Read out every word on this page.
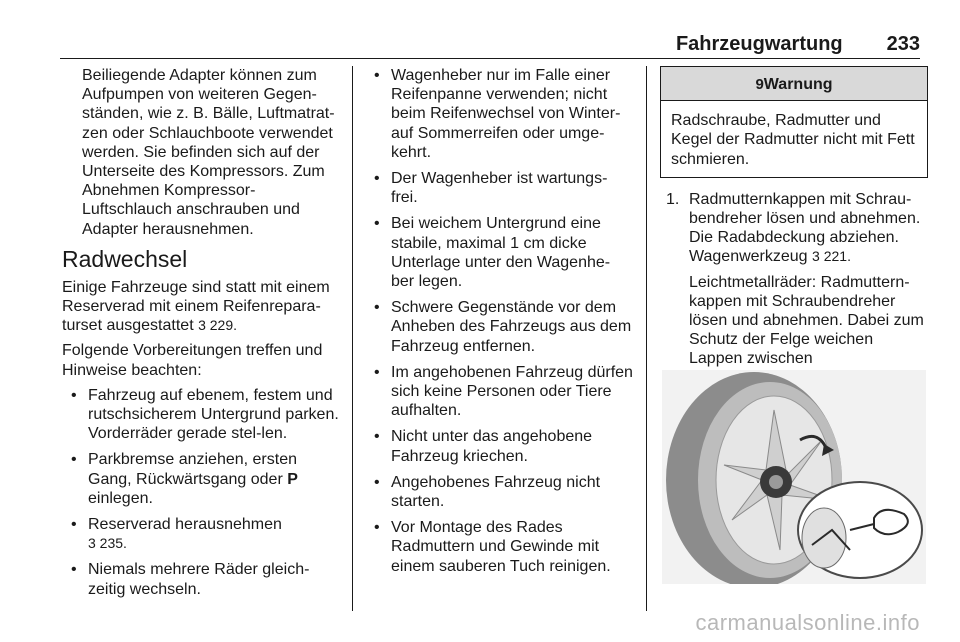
Fahrzeugwartung 233

Beiliegende Adapter können zum Aufpumpen von weiteren Gegen-ständen, wie z. B. Bälle, Luftmatrat-zen oder Schlauchboote verwendet werden. Sie befinden sich auf der Unterseite des Kompressors. Zum Abnehmen Kompressor-Luftschlauch anschrauben und Adapter herausnehmen.

Radwechsel

Einige Fahrzeuge sind statt mit einem Reserverad mit einem Reifenrepara-turset ausgestattet 3 229.

Folgende Vorbereitungen treffen und Hinweise beachten:

• Fahrzeug auf ebenem, festem und rutschsicherem Untergrund parken. Vorderräder gerade stel-len.
• Parkbremse anziehen, ersten Gang, Rückwärtsgang oder P einlegen.
• Reserverad herausnehmen
3 235.
• Niemals mehrere Räder gleich-zeitig wechseln.
• Wagenheber nur im Falle einer Reifenpanne verwenden; nicht beim Reifenwechsel von Winter- auf Sommerreifen oder umge-kehrt.
• Der Wagenheber ist wartungs-frei.
• Bei weichem Untergrund eine stabile, maximal 1 cm dicke Unterlage unter den Wagenhe-ber legen.
• Schwere Gegenstände vor dem Anheben des Fahrzeugs aus dem Fahrzeug entfernen.
• Im angehobenen Fahrzeug dürfen sich keine Personen oder Tiere aufhalten.
• Nicht unter das angehobene Fahrzeug kriechen.
• Angehobenes Fahrzeug nicht starten.
• Vor Montage des Rades Radmuttern und Gewinde mit einem sauberen Tuch reinigen.
9Warnung
Radschraube, Radmutter und Kegel der Radmutter nicht mit Fett schmieren.
1. Radmutternkappen mit Schrau-bendreher lösen und abnehmen. Die Radabdeckung abziehen. Wagenwerkzeug 3 221.

Leichtmetallräder: Radmuttern-kappen mit Schraubendreher lösen und abnehmen. Dabei zum Schutz der Felge weichen Lappen zwischen

carmanualsonline.info
